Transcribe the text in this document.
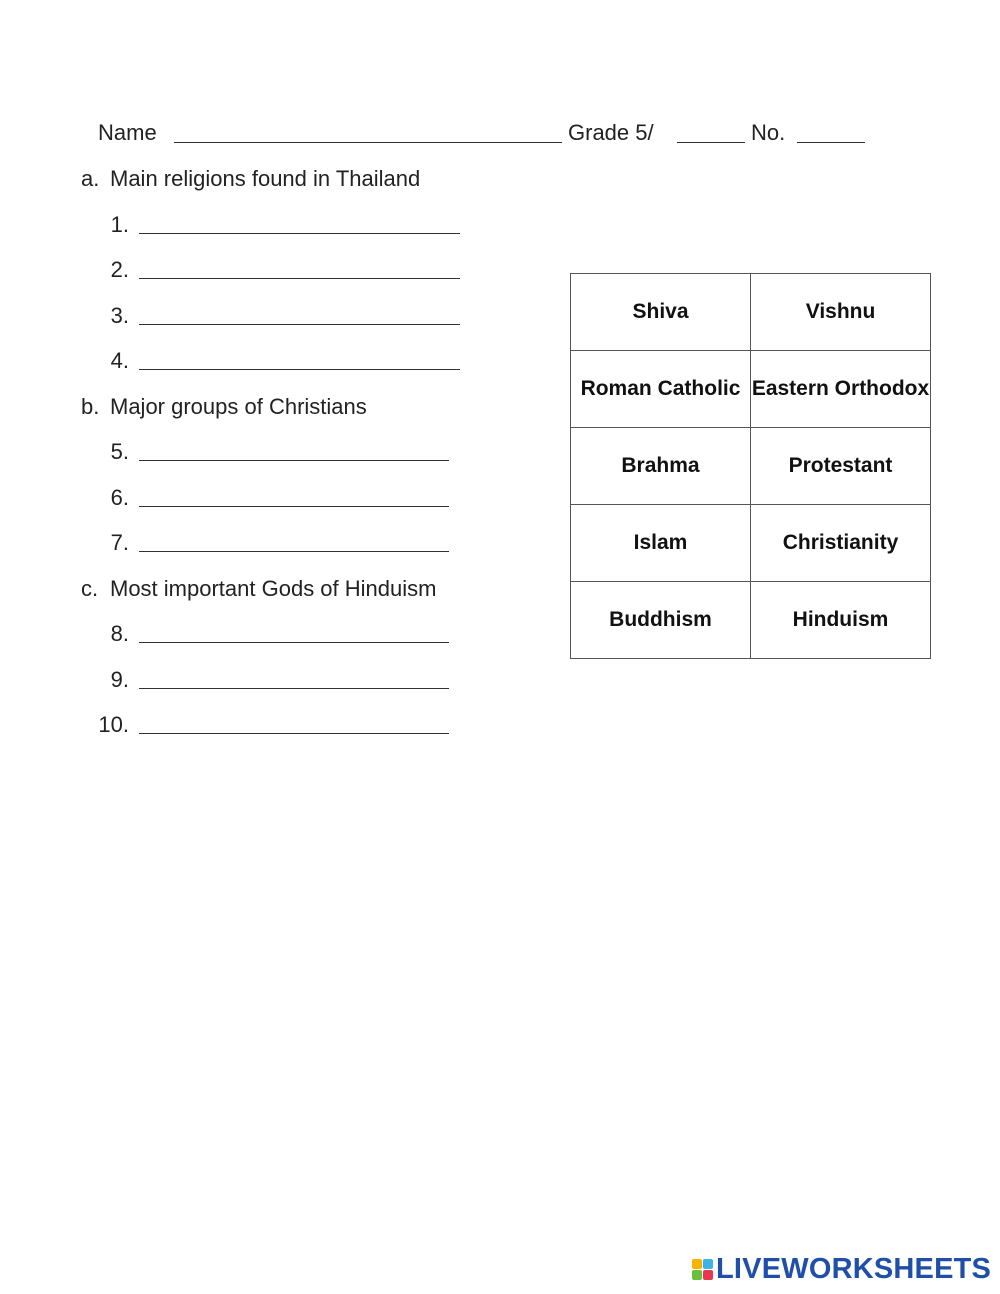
Name	Grade 5/	No.
a. Main religions found in Thailand
1.
2.
3.
4.
b. Major groups of Christians
5.
6.
7.
c. Most important Gods of Hinduism
8.
9.
10.
Shiva	Vishnu
Roman Catholic	Eastern Orthodox
Brahma	Protestant
Islam	Christianity
Buddhism	Hinduism
LIVEWORKSHEETS
